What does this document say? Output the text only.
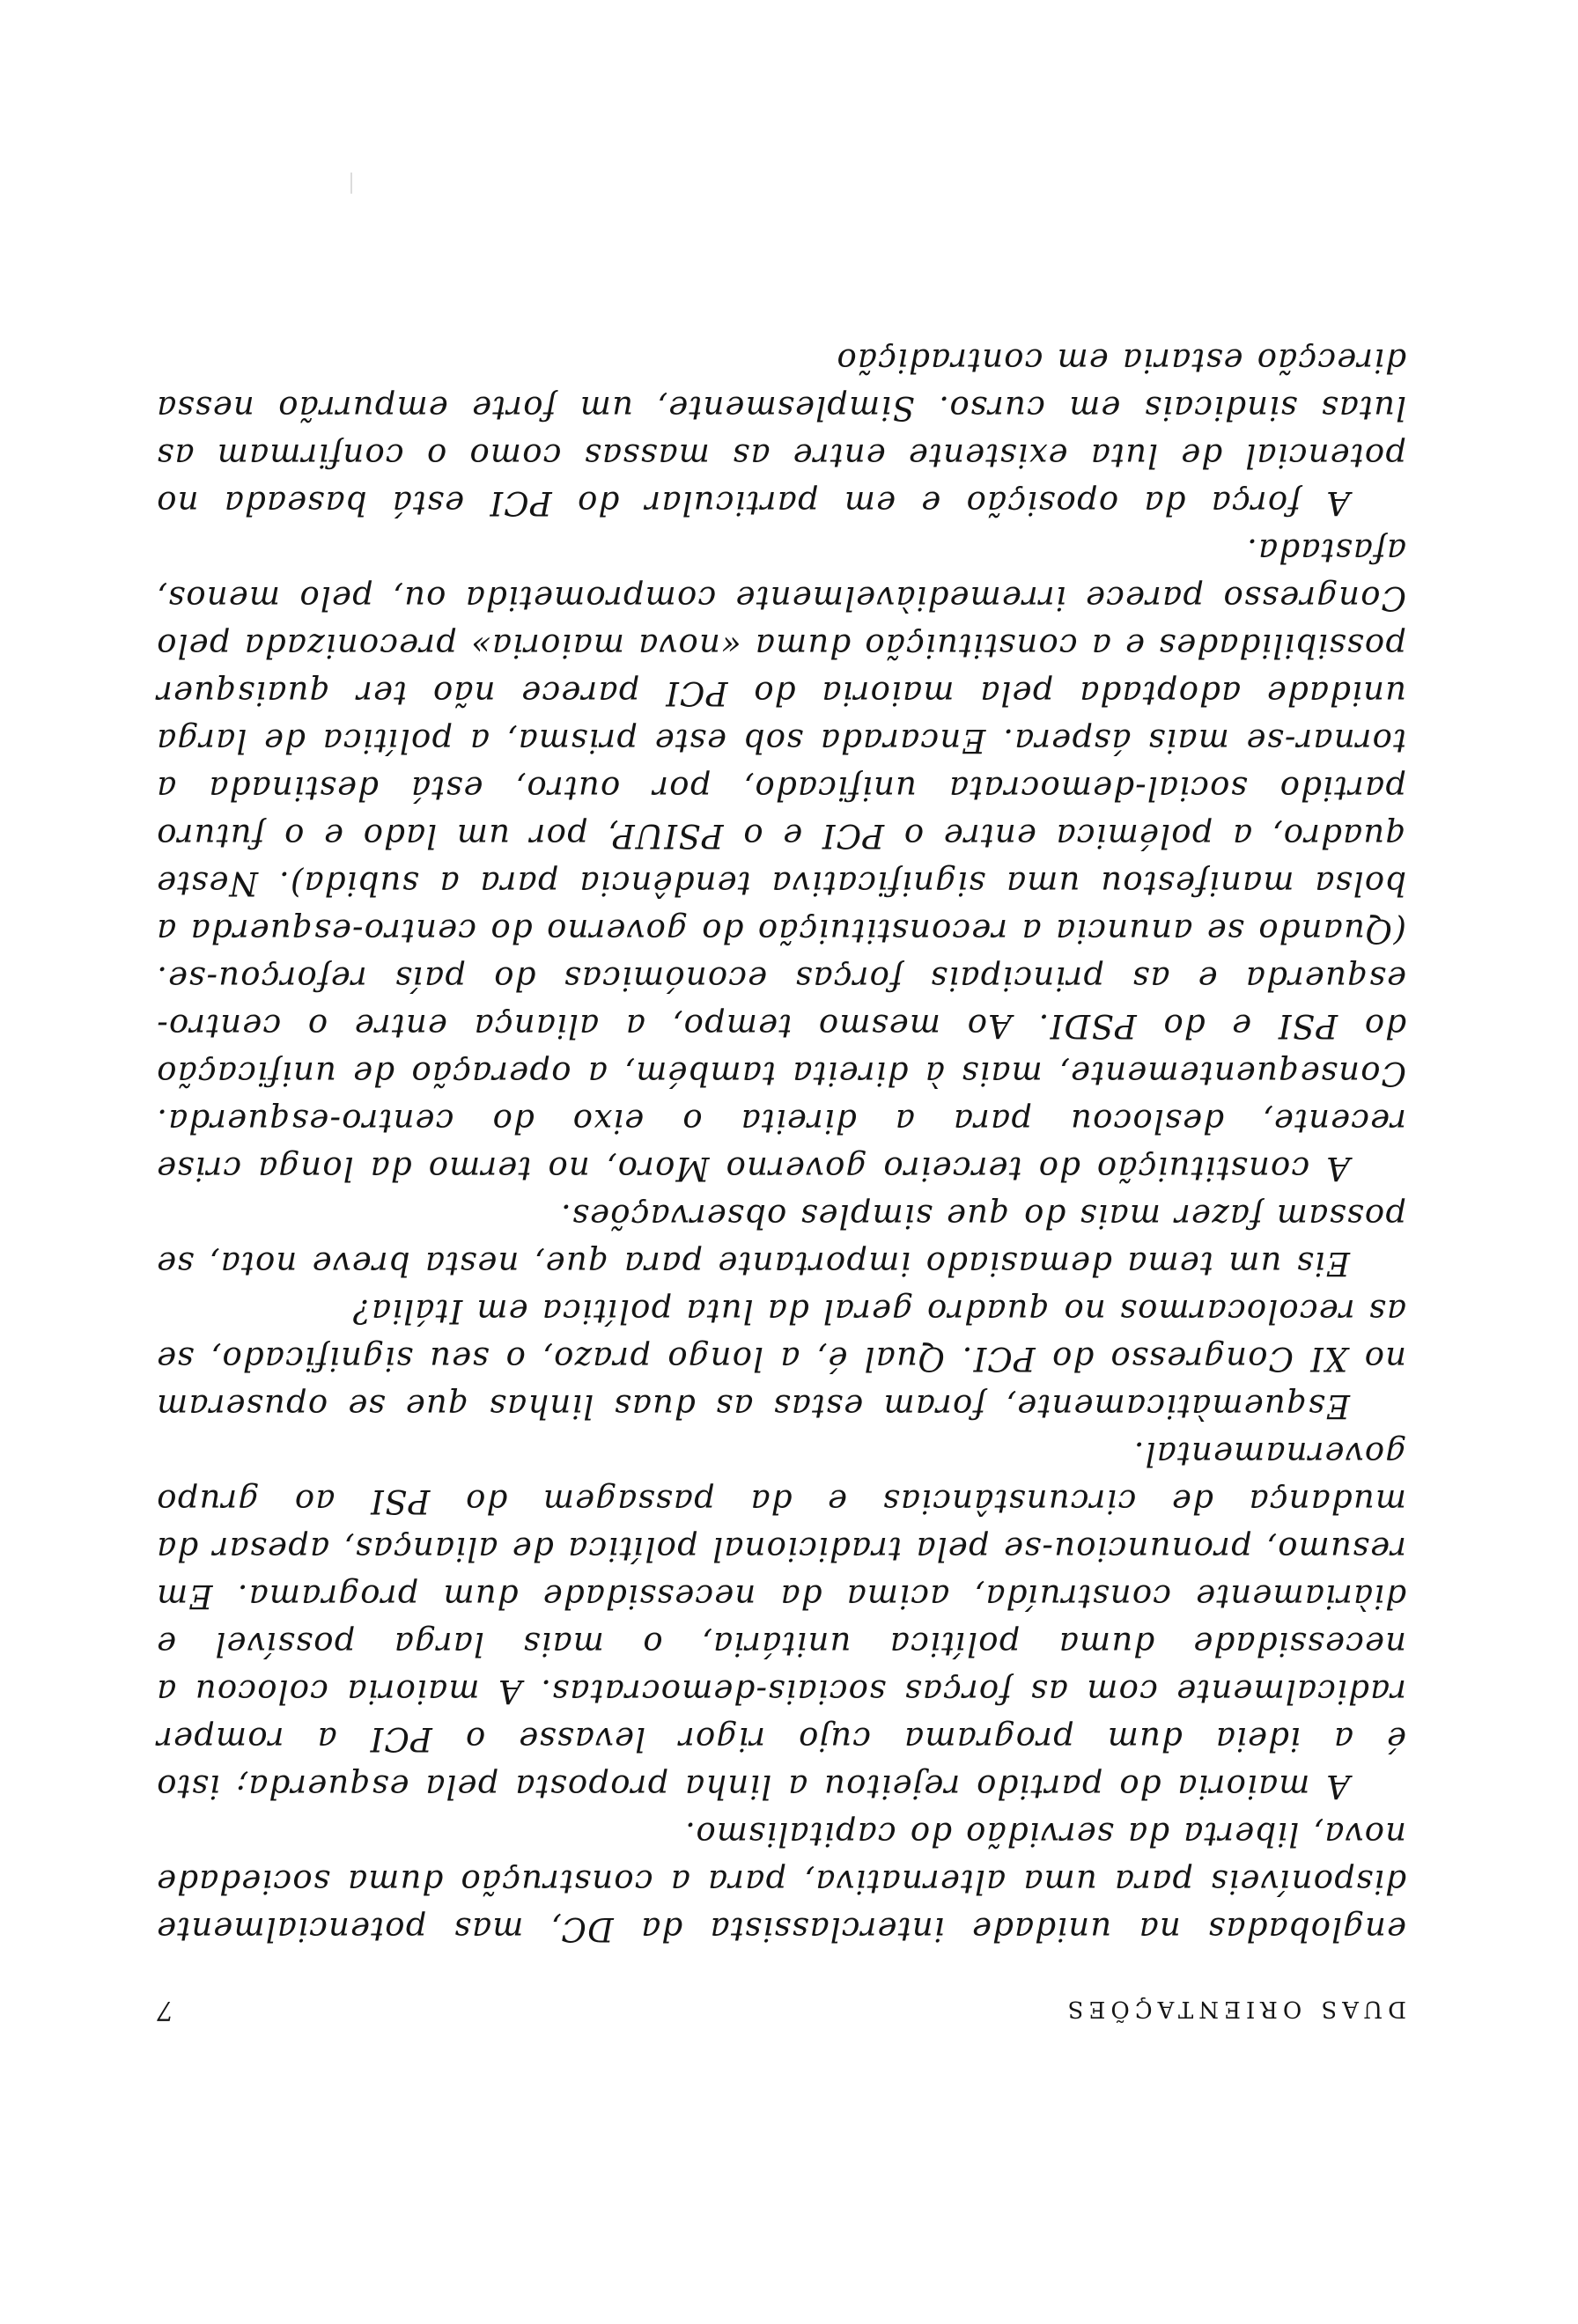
DUAS ORIENTAÇÕES
7

englobadas na unidade interclassista da DC, mas potencialmente disponíveis para uma alternativa, para a construção duma sociedade nova, liberta da servidão do capitalismo.

A maioria do partido rejeitou a linha proposta pela esquerda; isto é a ideia dum programa cujo rigor levasse o PCI a romper radicalmente com as forças sociais-democratas. A maioria colocou a necessidade duma política unitária, o mais larga possível e diàriamente construída, acima da necessidade dum programa. Em resumo, pronunciou-se pela tradicional política de alianças, apesar da mudança de circunstâncias e da passagem do PSI ao grupo governamental.

Esquemàticamente, foram estas as duas linhas que se opuseram no XI Congresso do PCI. Qual é, a longo prazo, o seu significado, se as recolocarmos no quadro geral da luta política em Itália?

Eis um tema demasiado importante para que, nesta breve nota, se possam fazer mais do que simples observações.

A constituição do terceiro governo Moro, no termo da longa crise recente, deslocou para a direita o eixo do centro-esquerda. Consequentemente, mais à direita também, a operação de unificação do PSI e do PSDI. Ao mesmo tempo, a aliança entre o centro-esquerda e as principais forças económicas do país reforçou-se. (Quando se anuncia a reconstituição do governo do centro-esquerda a bolsa manifestou uma significativa tendência para a subida). Neste quadro, a polémica entre o PCI e o PSIUP, por um lado e o futuro partido social-democrata unificado, por outro, está destinada a tornar-se mais áspera. Encarada sob este prisma, a política de larga unidade adoptada pela maioria do PCI parece não ter quaisquer possibilidades e a constituição duma «nova maioria» preconizada pelo Congresso parece irremediàvelmente comprometida ou, pelo menos, afastada.

A força da oposição e em particular do PCI está baseada no potencial de luta existente entre as massas como o confirmam as lutas sindicais em curso. Simplesmente, um forte empurrão nessa direcção estaria em contradição
